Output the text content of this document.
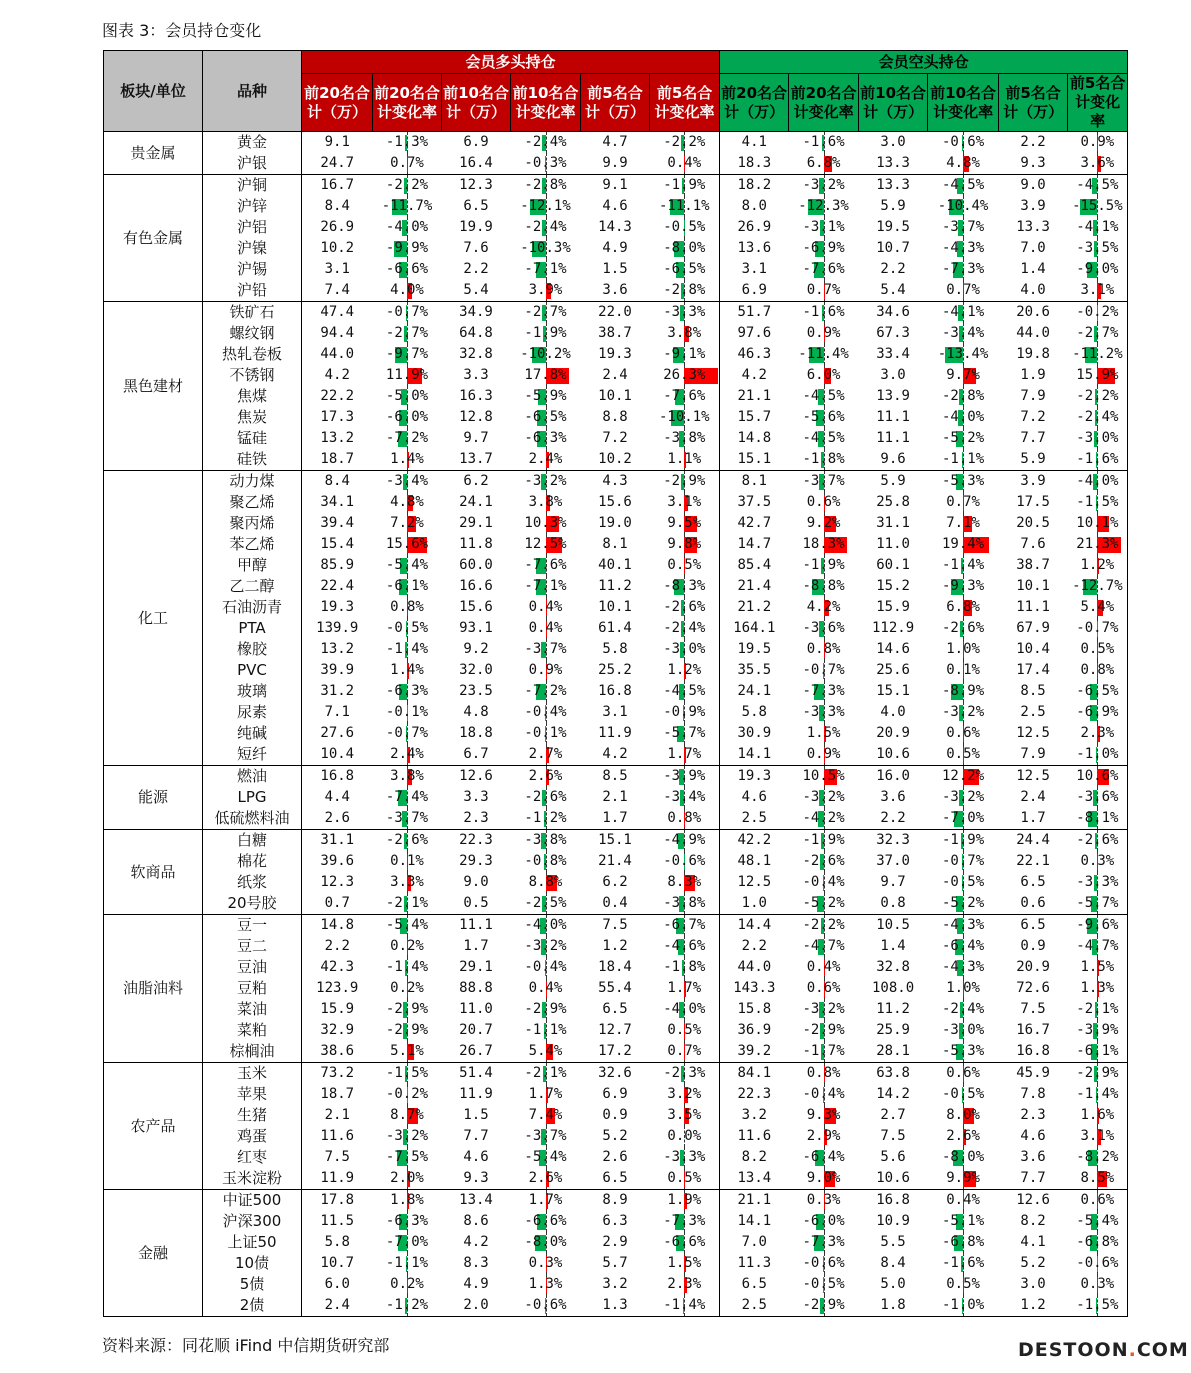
图表 3：会员持仓变化
板块/单位	品种	会员多头持仓						会员空头持仓					
		前20名合计（万）	前20名合计变化率	前10名合计（万）	前10名合计变化率	前5名合计（万）	前5名合计变化率	前20名合计（万）	前20名合计变化率	前10名合计（万）	前10名合计变化率	前5名合计（万）	前5名合计变化率
贵金属	黄金	9.1	-1.3%	6.9	-2.4%	4.7	-2.2%	4.1	-1.6%	3.0	-0.6%	2.2	0.9%
	沪银	24.7	0.7%	16.4	-0.3%	9.9	0.4%	18.3	6.8%	13.3	4.8%	9.3	3.6%
有色金属	沪铜	16.7	-2.2%	12.3	-2.8%	9.1	-1.9%	18.2	-3.2%	13.3	-4.5%	9.0	-4.5%
	沪锌	8.4	-11.7%	6.5	-12.1%	4.6	-11.1%	8.0	-12.3%	5.9	-10.4%	3.9	-15.5%
	沪铝	26.9	-4.0%	19.9	-2.4%	14.3	-0.5%	26.9	-3.1%	19.5	-3.7%	13.3	-4.1%
	沪镍	10.2	-9.9%	7.6	-10.3%	4.9	-8.0%	13.6	-6.9%	10.7	-4.3%	7.0	-3.5%
	沪锡	3.1	-6.6%	2.2	-7.1%	1.5	-6.5%	3.1	-7.6%	2.2	-7.3%	1.4	-9.0%
	沪铅	7.4	4.0%	5.4	3.9%	3.6	-2.8%	6.9	0.7%	5.4	0.7%	4.0	3.1%
黑色建材	铁矿石	47.4	-0.7%	34.9	-2.7%	22.0	-3.3%	51.7	-1.6%	34.6	-4.1%	20.6	-0.2%
	螺纹钢	94.4	-2.7%	64.8	-1.9%	38.7	3.8%	97.6	0.9%	67.3	-3.4%	44.0	-2.7%
	热轧卷板	44.0	-9.7%	32.8	-10.2%	19.3	-9.1%	46.3	-11.4%	33.4	-13.4%	19.8	-11.2%
	不锈钢	4.2	11.9%	3.3	17.8%	2.4	26.3%	4.2	6.0%	3.0	9.7%	1.9	15.9%
	焦煤	22.2	-5.0%	16.3	-5.9%	10.1	-7.6%	21.1	-4.5%	13.9	-2.8%	7.9	-2.2%
	焦炭	17.3	-6.0%	12.8	-6.5%	8.8	-10.1%	15.7	-5.6%	11.1	-4.0%	7.2	-2.4%
	锰硅	13.2	-7.2%	9.7	-6.3%	7.2	-3.8%	14.8	-4.5%	11.1	-5.2%	7.7	-3.0%
	硅铁	18.7	1.4%	13.7	2.4%	10.2	1.1%	15.1	-1.8%	9.6	-1.1%	5.9	-1.6%
化工	动力煤	8.4	-3.4%	6.2	-3.2%	4.3	-2.9%	8.1	-3.7%	5.9	-5.3%	3.9	-4.0%
	聚乙烯	34.1	4.8%	24.1	3.8%	15.6	3.1%	37.5	0.6%	25.8	0.7%	17.5	-1.5%
	聚丙烯	39.4	7.2%	29.1	10.3%	19.0	9.5%	42.7	9.2%	31.1	7.1%	20.5	10.1%
	苯乙烯	15.4	15.6%	11.8	12.5%	8.1	9.8%	14.7	18.3%	11.0	19.4%	7.6	21.3%
	甲醇	85.9	-5.4%	60.0	-7.6%	40.1	0.5%	85.4	-1.9%	60.1	-1.4%	38.7	1.2%
	乙二醇	22.4	-6.1%	16.6	-7.1%	11.2	-8.3%	21.4	-8.8%	15.2	-9.3%	10.1	-12.7%
	石油沥青	19.3	0.8%	15.6	0.4%	10.1	-2.6%	21.2	4.2%	15.9	6.8%	11.1	5.4%
	PTA	139.9	-0.5%	93.1	0.4%	61.4	-2.4%	164.1	-3.6%	112.9	-2.6%	67.9	-0.7%
	橡胶	13.2	-1.4%	9.2	-3.7%	5.8	-3.0%	19.5	0.8%	14.6	1.0%	10.4	0.5%
	PVC	39.9	1.4%	32.0	0.9%	25.2	1.2%	35.5	-0.7%	25.6	0.1%	17.4	0.8%
	玻璃	31.2	-6.3%	23.5	-7.2%	16.8	-4.5%	24.1	-7.3%	15.1	-8.9%	8.5	-6.5%
	尿素	7.1	-0.1%	4.8	-0.4%	3.1	-0.9%	5.8	-3.3%	4.0	-3.2%	2.5	-6.9%
	纯碱	27.6	-0.7%	18.8	-0.1%	11.9	-5.7%	30.9	1.5%	20.9	0.6%	12.5	2.3%
	短纤	10.4	2.4%	6.7	2.7%	4.2	1.7%	14.1	0.9%	10.6	0.5%	7.9	-1.0%
能源	燃油	16.8	3.8%	12.6	2.6%	8.5	-3.9%	19.3	10.5%	16.0	12.2%	12.5	10.6%
	LPG	4.4	-7.4%	3.3	-2.6%	2.1	-3.4%	4.6	-3.2%	3.6	-3.2%	2.4	-3.6%
	低硫燃料油	2.6	-3.7%	2.3	-1.2%	1.7	0.8%	2.5	-4.2%	2.2	-7.0%	1.7	-8.1%
软商品	白糖	31.1	-2.6%	22.3	-3.8%	15.1	-4.9%	42.2	-1.9%	32.3	-1.9%	24.4	-2.6%
	棉花	39.6	0.1%	29.3	-0.8%	21.4	-0.6%	48.1	-2.6%	37.0	-0.7%	22.1	0.3%
	纸浆	12.3	3.3%	9.0	8.8%	6.2	8.3%	12.5	-0.4%	9.7	-0.5%	6.5	-3.3%
	20号胶	0.7	-2.1%	0.5	-2.5%	0.4	-3.8%	1.0	-5.2%	0.8	-5.2%	0.6	-5.7%
油脂油料	豆一	14.8	-5.4%	11.1	-4.0%	7.5	-6.7%	14.4	-2.2%	10.5	-4.3%	6.5	-9.6%
	豆二	2.2	0.2%	1.7	-3.2%	1.2	-4.6%	2.2	-4.7%	1.4	-6.4%	0.9	-4.7%
	豆油	42.3	-1.4%	29.1	-0.4%	18.4	-1.8%	44.0	0.4%	32.8	-4.3%	20.9	1.5%
	豆粕	123.9	0.2%	88.8	0.4%	55.4	1.7%	143.3	0.6%	108.0	1.0%	72.6	1.3%
	菜油	15.9	-2.9%	11.0	-2.9%	6.5	-4.0%	15.8	-3.2%	11.2	-2.4%	7.5	-2.1%
	菜粕	32.9	-2.9%	20.7	-1.1%	12.7	0.5%	36.9	-2.9%	25.9	-3.0%	16.7	-3.9%
	棕榈油	38.6	5.1%	26.7	5.4%	17.2	0.7%	39.2	-1.7%	28.1	-5.3%	16.8	-6.1%
农产品	玉米	73.2	-1.5%	51.4	-2.1%	32.6	-2.3%	84.1	0.8%	63.8	0.6%	45.9	-2.9%
	苹果	18.7	-0.2%	11.9	1.7%	6.9	3.2%	22.3	-0.4%	14.2	-0.5%	7.8	-1.4%
	生猪	2.1	8.7%	1.5	7.4%	0.9	3.5%	3.2	9.3%	2.7	8.0%	2.3	1.6%
	鸡蛋	11.6	-3.2%	7.7	-3.7%	5.2	0.0%	11.6	2.9%	7.5	2.6%	4.6	3.1%
	红枣	7.5	-7.5%	4.6	-5.4%	2.6	-3.3%	8.2	-6.4%	5.6	-8.0%	3.6	-8.2%
	玉米淀粉	11.9	2.0%	9.3	2.6%	6.5	0.5%	13.4	9.0%	10.6	9.9%	7.7	8.5%
金融	中证500	17.8	1.8%	13.4	1.7%	8.9	1.9%	21.1	0.3%	16.8	0.4%	12.6	0.6%
	沪深300	11.5	-6.3%	8.6	-6.6%	6.3	-7.3%	14.1	-6.0%	10.9	-5.1%	8.2	-5.4%
	上证50	5.8	-7.0%	4.2	-8.0%	2.9	-6.6%	7.0	-7.3%	5.5	-6.8%	4.1	-6.8%
	10债	10.7	-1.1%	8.3	0.3%	5.7	1.5%	11.3	-0.6%	8.4	-1.6%	5.2	-0.6%
	5债	6.0	0.2%	4.9	1.3%	3.2	2.3%	6.5	-0.5%	5.0	0.5%	3.0	0.3%
	2债	2.4	-1.2%	2.0	-0.6%	1.3	-1.4%	2.5	-2.9%	1.8	-1.0%	1.2	-1.5%
资料来源：同花顺 iFind 中信期货研究部	DESTOON.COM
